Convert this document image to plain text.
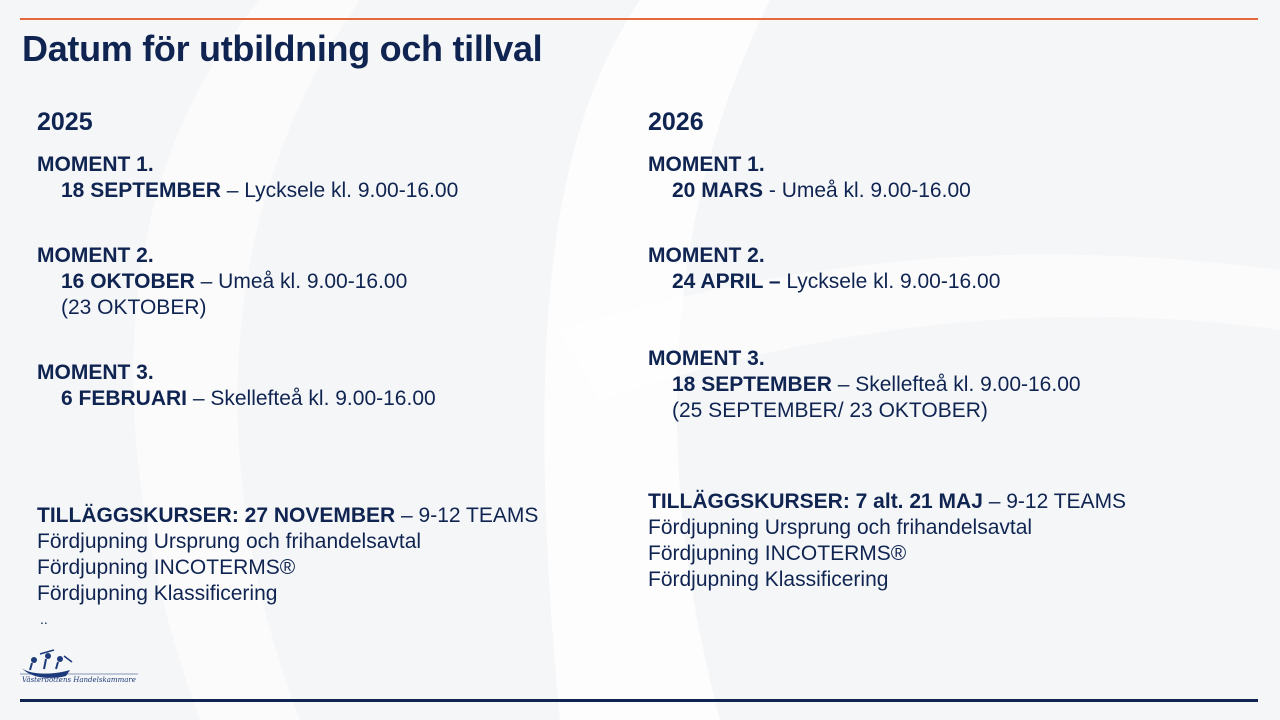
Datum för utbildning och tillval
2025
MOMENT 1.
18 SEPTEMBER – Lycksele kl. 9.00-16.00
MOMENT 2.
16 OKTOBER – Umeå kl. 9.00-16.00
(23 OKTOBER)
MOMENT 3.
6 FEBRUARI – Skellefteå kl. 9.00-16.00
TILLÄGGSKURSER: 27 NOVEMBER – 9-12 TEAMS
Fördjupning Ursprung och frihandelsavtal
Fördjupning INCOTERMS®
Fördjupning Klassificering
..
2026
MOMENT 1.
20 MARS - Umeå kl. 9.00-16.00
MOMENT 2.
24 APRIL – Lycksele kl. 9.00-16.00
MOMENT 3.
18 SEPTEMBER – Skellefteå kl. 9.00-16.00
(25 SEPTEMBER/ 23 OKTOBER)
TILLÄGGSKURSER: 7 alt. 21 MAJ – 9-12 TEAMS
Fördjupning Ursprung och frihandelsavtal
Fördjupning INCOTERMS®
Fördjupning Klassificering
Västerbottens Handelskammare
